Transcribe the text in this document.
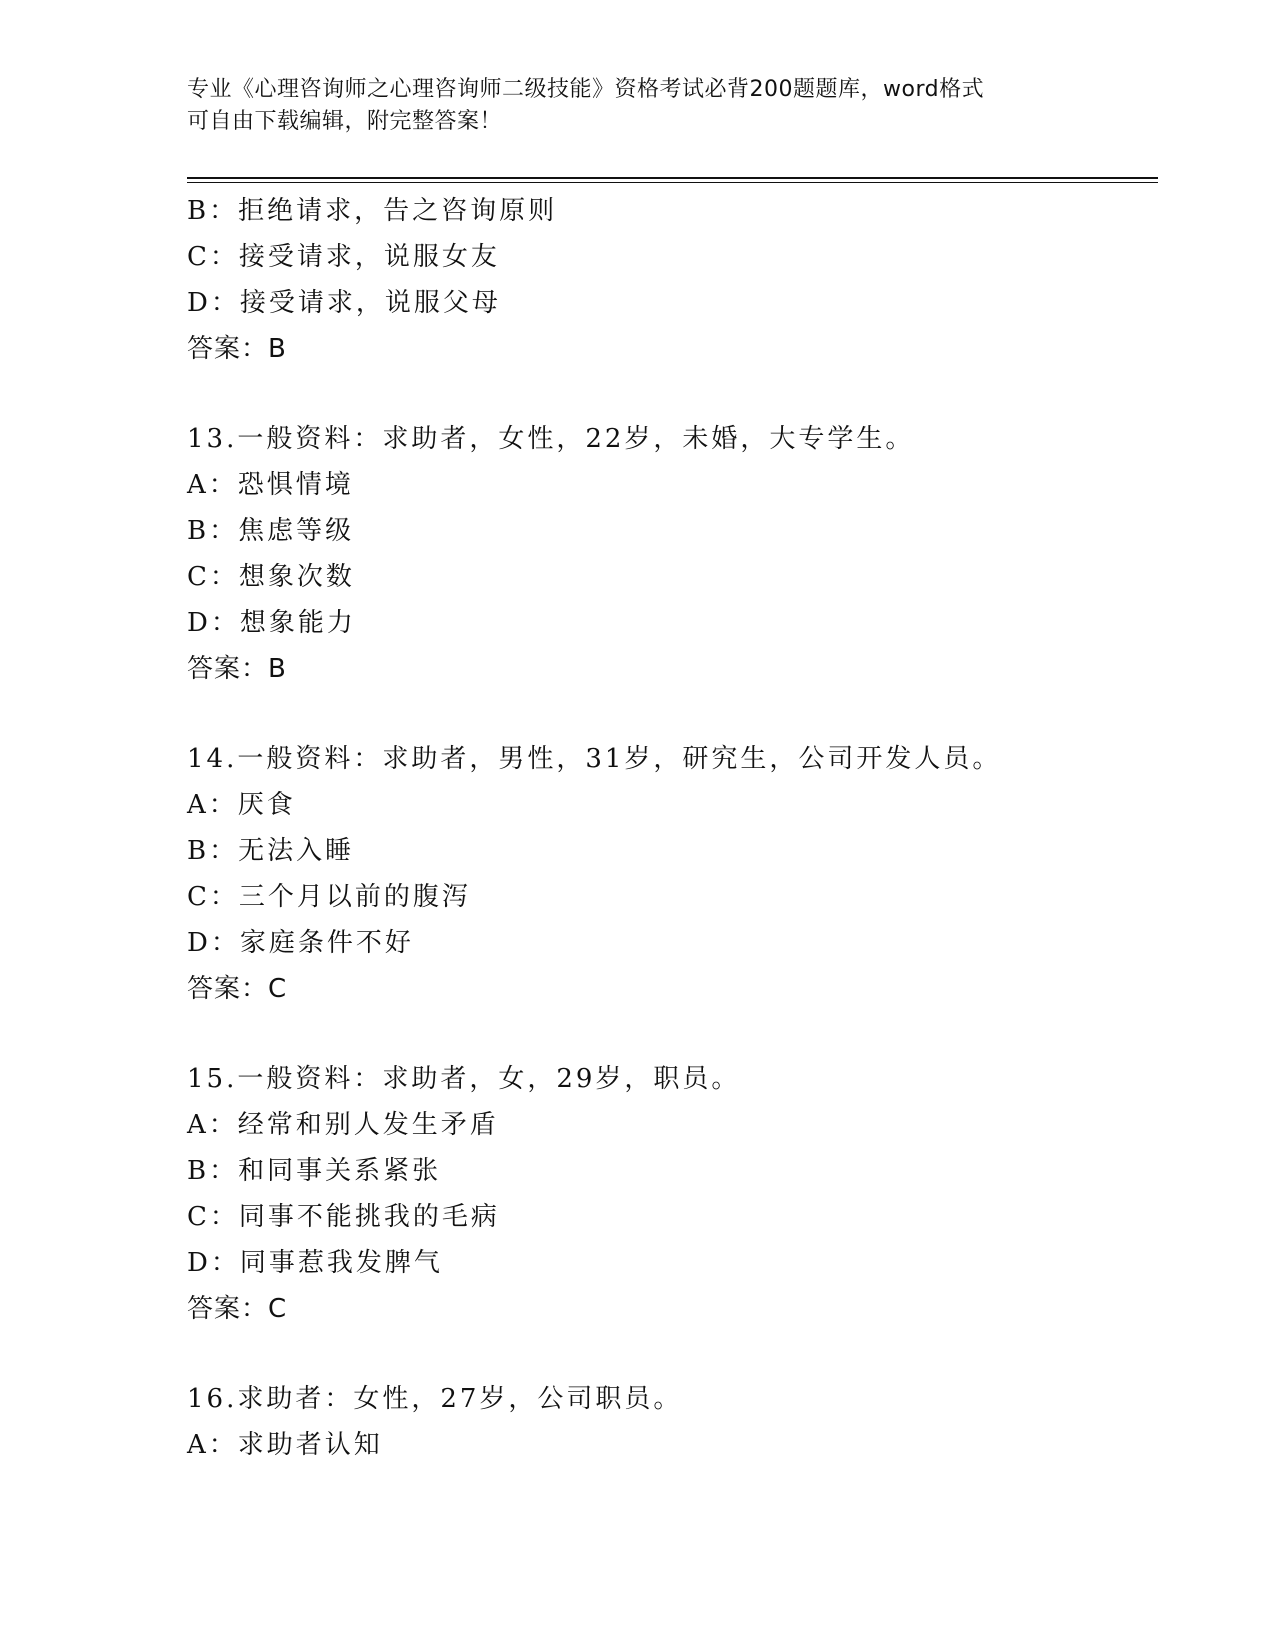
专业《心理咨询师之心理咨询师二级技能》资格考试必背200题题库，word格式
可自由下载编辑，附完整答案！
B：拒绝请求，告之咨询原则
C：接受请求，说服女友
D：接受请求，说服父母
答案：B
13.一般资料：求助者，女性，22岁，未婚，大专学生。
A：恐惧情境
B：焦虑等级
C：想象次数
D：想象能力
答案：B
14.一般资料：求助者，男性，31岁，研究生，公司开发人员。
A：厌食
B：无法入睡
C：三个月以前的腹泻
D：家庭条件不好
答案：C
15.一般资料：求助者，女，29岁，职员。
A：经常和别人发生矛盾
B：和同事关系紧张
C：同事不能挑我的毛病
D：同事惹我发脾气
答案：C
16.求助者：女性，27岁，公司职员。
A：求助者认知
